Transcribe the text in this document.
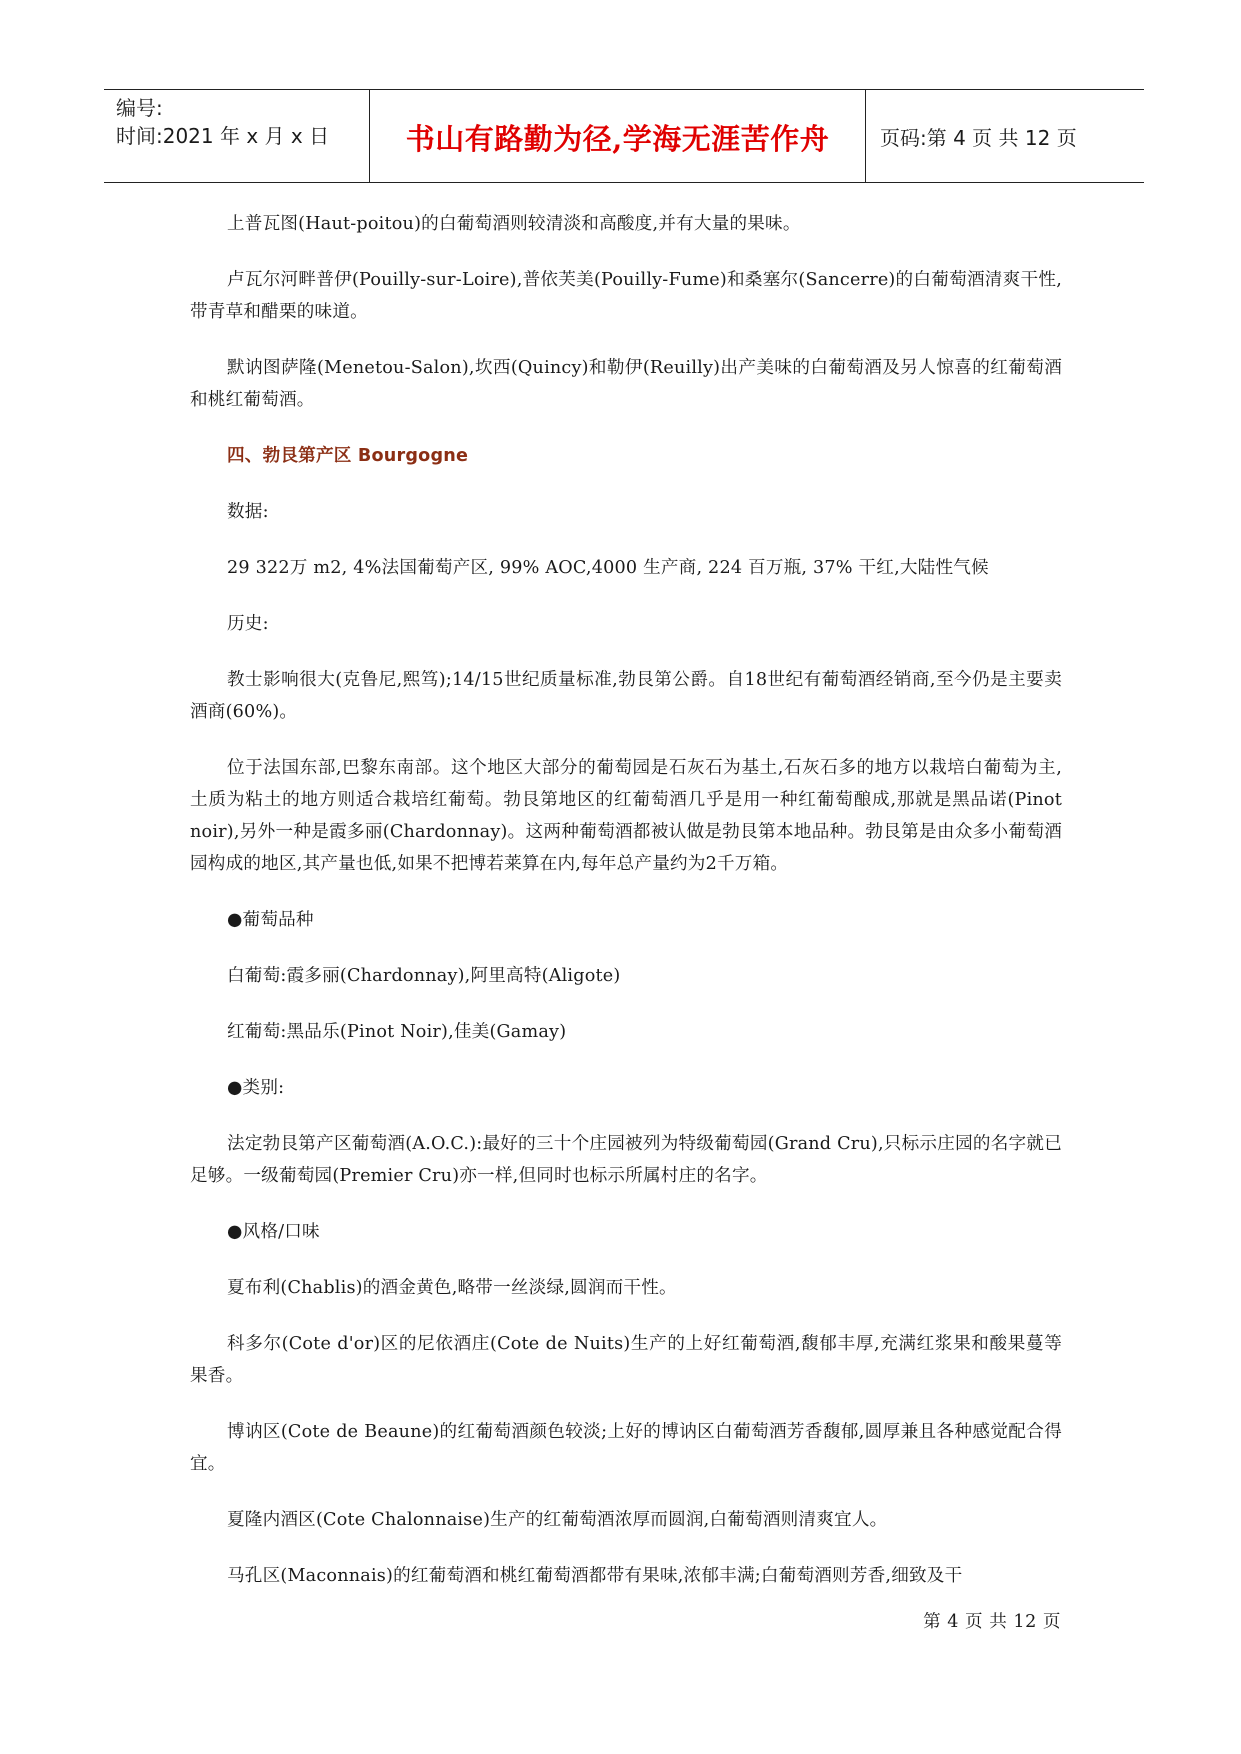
编号:
时间:2021 年 x 月 x 日	书山有路勤为径,学海无涯苦作舟	页码:第 4 页 共 12 页

上普瓦图(Haut-poitou)的白葡萄酒则较清淡和高酸度,并有大量的果味。

卢瓦尔河畔普伊(Pouilly-sur-Loire),普依芙美(Pouilly-Fume)和桑塞尔(Sancerre)的白葡萄酒清爽干性,带青草和醋栗的味道。

默讷图萨隆(Menetou-Salon),坎西(Quincy)和勒伊(Reuilly)出产美味的白葡萄酒及另人惊喜的红葡萄酒和桃红葡萄酒。

四、勃艮第产区 Bourgogne

数据:

29 322万 m2, 4%法国葡萄产区, 99% AOC,4000 生产商, 224 百万瓶, 37% 干红,大陆性气候

历史:

教士影响很大(克鲁尼,熙笃);14/15世纪质量标准,勃艮第公爵。自18世纪有葡萄酒经销商,至今仍是主要卖酒商(60%)。

位于法国东部,巴黎东南部。这个地区大部分的葡萄园是石灰石为基土,石灰石多的地方以栽培白葡萄为主,土质为粘土的地方则适合栽培红葡萄。勃艮第地区的红葡萄酒几乎是用一种红葡萄酿成,那就是黑品诺(Pinot noir),另外一种是霞多丽(Chardonnay)。这两种葡萄酒都被认做是勃艮第本地品种。勃艮第是由众多小葡萄酒园构成的地区,其产量也低,如果不把博若莱算在内,每年总产量约为2千万箱。

●葡萄品种

白葡萄:霞多丽(Chardonnay),阿里高特(Aligote)

红葡萄:黑品乐(Pinot Noir),佳美(Gamay)

●类别:

法定勃艮第产区葡萄酒(A.O.C.):最好的三十个庄园被列为特级葡萄园(Grand Cru),只标示庄园的名字就已足够。一级葡萄园(Premier Cru)亦一样,但同时也标示所属村庄的名字。

●风格/口味

夏布利(Chablis)的酒金黄色,略带一丝淡绿,圆润而干性。

科多尔(Cote d'or)区的尼依酒庄(Cote de Nuits)生产的上好红葡萄酒,馥郁丰厚,充满红浆果和酸果蔓等果香。

博讷区(Cote de Beaune)的红葡萄酒颜色较淡;上好的博讷区白葡萄酒芳香馥郁,圆厚兼且各种感觉配合得宜。

夏隆内酒区(Cote Chalonnaise)生产的红葡萄酒浓厚而圆润,白葡萄酒则清爽宜人。

马孔区(Maconnais)的红葡萄酒和桃红葡萄酒都带有果味,浓郁丰满;白葡萄酒则芳香,细致及干

第 4 页 共 12 页
